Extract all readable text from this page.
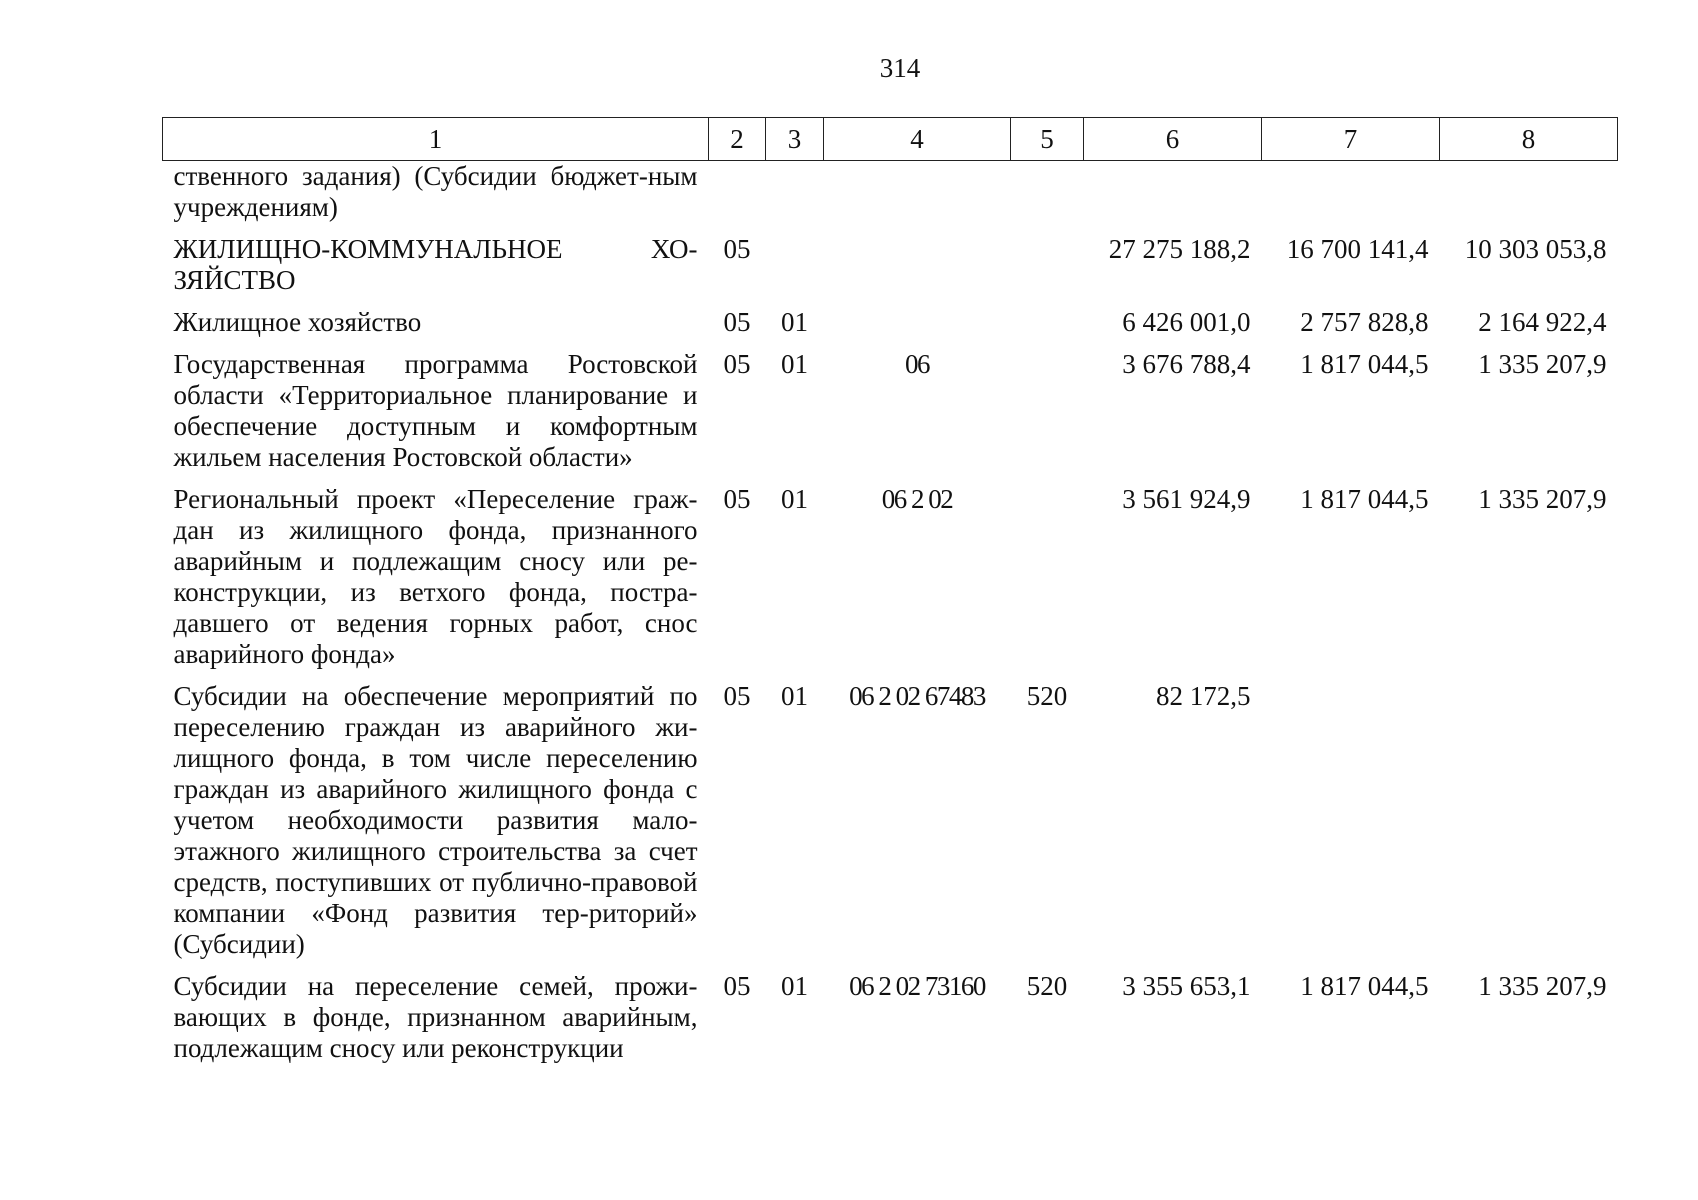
314
1	2	3	4	5	6	7	8
ственного задания) (Субсидии бюджет-ным учреждениям)							
ЖИЛИЩНО-КОММУНАЛЬНОЕ ХО-ЗЯЙСТВО	05				27 275 188,2	16 700 141,4	10 303 053,8
Жилищное хозяйство	05	01			6 426 001,0	2 757 828,8	2 164 922,4
Государственная программа Ростовской области «Территориальное планирование и обеспечение доступным и комфортным жильем населения Ростовской области»	05	01	06		3 676 788,4	1 817 044,5	1 335 207,9
Региональный проект «Переселение граж-дан из жилищного фонда, признанного аварийным и подлежащим сносу или ре-конструкции, из ветхого фонда, постра-давшего от ведения горных работ, снос аварийного фонда»	05	01	06 2 02		3 561 924,9	1 817 044,5	1 335 207,9
Субсидии на обеспечение мероприятий по переселению граждан из аварийного жи-лищного фонда, в том числе переселению граждан из аварийного жилищного фонда с учетом необходимости развития мало-этажного жилищного строительства за счет средств, поступивших от публично-правовой компании «Фонд развития тер-риторий» (Субсидии)	05	01	06 2 02 67483	520	82 172,5		
Субсидии на переселение семей, прожи-вающих в фонде, признанном аварийным, подлежащим сносу или реконструкции	05	01	06 2 02 73160	520	3 355 653,1	1 817 044,5	1 335 207,9
